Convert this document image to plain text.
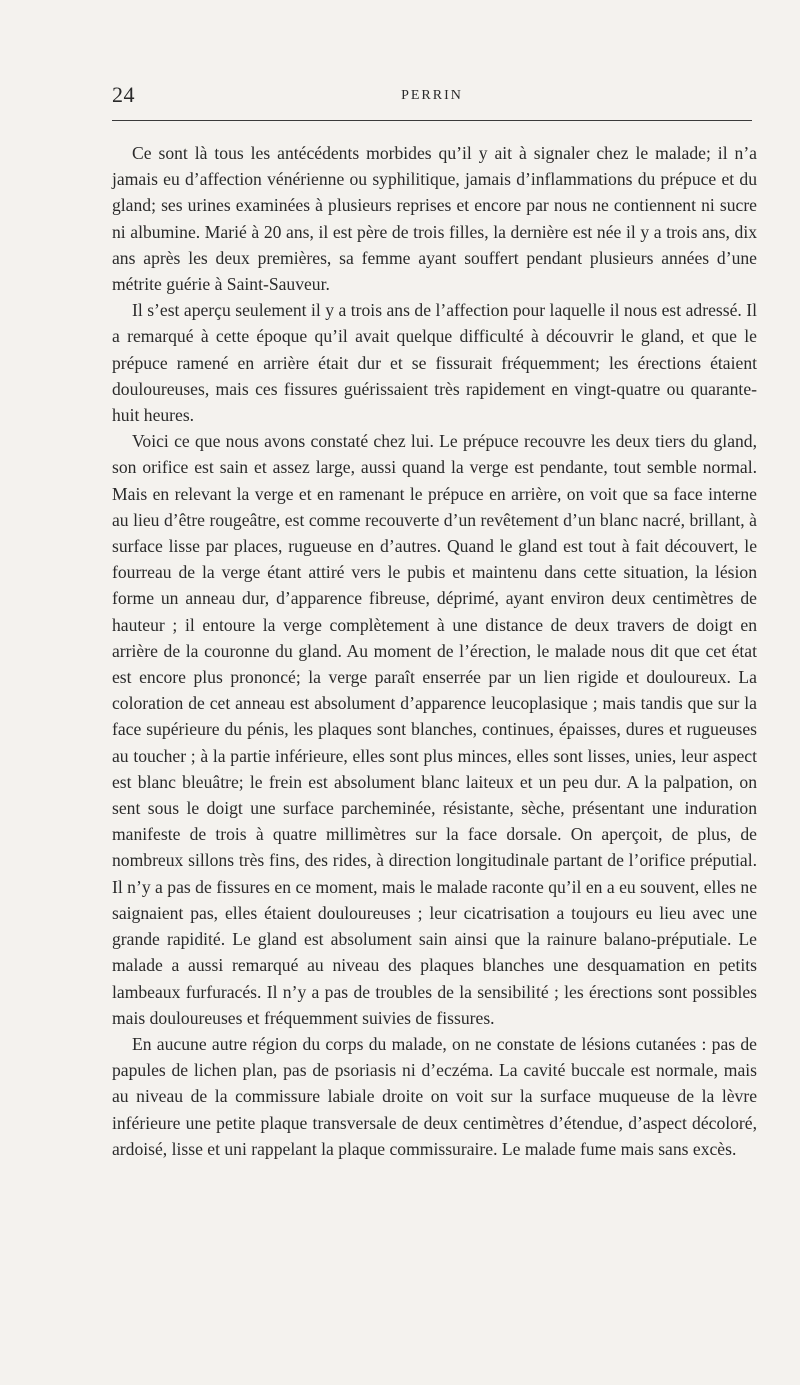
24	PERRIN

Ce sont là tous les antécédents morbides qu’il y ait à signaler chez le malade; il n’a jamais eu d’affection vénérienne ou syphilitique, jamais d’inflammations du prépuce et du gland; ses urines examinées à plusieurs reprises et encore par nous ne contiennent ni sucre ni albumine. Marié à 20 ans, il est père de trois filles, la dernière est née il y a trois ans, dix ans après les deux premières, sa femme ayant souffert pendant plusieurs années d’une métrite guérie à Saint-Sauveur.

Il s’est aperçu seulement il y a trois ans de l’affection pour laquelle il nous est adressé. Il a remarqué à cette époque qu’il avait quelque difficulté à découvrir le gland, et que le prépuce ramené en arrière était dur et se fissurait fréquemment; les érections étaient douloureuses, mais ces fissures guérissaient très rapidement en vingt-quatre ou quarante-huit heures.

Voici ce que nous avons constaté chez lui. Le prépuce recouvre les deux tiers du gland, son orifice est sain et assez large, aussi quand la verge est pendante, tout semble normal. Mais en relevant la verge et en ramenant le prépuce en arrière, on voit que sa face interne au lieu d’être rougeâtre, est comme recouverte d’un revêtement d’un blanc nacré, brillant, à surface lisse par places, rugueuse en d’autres. Quand le gland est tout à fait découvert, le fourreau de la verge étant attiré vers le pubis et maintenu dans cette situation, la lésion forme un anneau dur, d’apparence fibreuse, déprimé, ayant environ deux centimètres de hauteur ; il entoure la verge complètement à une distance de deux travers de doigt en arrière de la couronne du gland. Au moment de l’érection, le malade nous dit que cet état est encore plus prononcé; la verge paraît enserrée par un lien rigide et douloureux. La coloration de cet anneau est absolument d’apparence leucoplasique ; mais tandis que sur la face supérieure du pénis, les plaques sont blanches, continues, épaisses, dures et rugueuses au toucher ; à la partie inférieure, elles sont plus minces, elles sont lisses, unies, leur aspect est blanc bleuâtre; le frein est absolument blanc laiteux et un peu dur. A la palpation, on sent sous le doigt une surface parcheminée, résistante, sèche, présentant une induration manifeste de trois à quatre millimètres sur la face dorsale. On aperçoit, de plus, de nombreux sillons très fins, des rides, à direction longitudinale partant de l’orifice préputial. Il n’y a pas de fissures en ce moment, mais le malade raconte qu’il en a eu souvent, elles ne saignaient pas, elles étaient douloureuses ; leur cicatrisation a toujours eu lieu avec une grande rapidité. Le gland est absolument sain ainsi que la rainure balano-préputiale. Le malade a aussi remarqué au niveau des plaques blanches une desquamation en petits lambeaux furfuracés. Il n’y a pas de troubles de la sensibilité ; les érections sont possibles mais douloureuses et fréquemment suivies de fissures.

En aucune autre région du corps du malade, on ne constate de lésions cutanées : pas de papules de lichen plan, pas de psoriasis ni d’eczéma. La cavité buccale est normale, mais au niveau de la commissure labiale droite on voit sur la surface muqueuse de la lèvre inférieure une petite plaque transversale de deux centimètres d’étendue, d’aspect décoloré, ardoisé, lisse et uni rappelant la plaque commissuraire. Le malade fume mais sans excès.
